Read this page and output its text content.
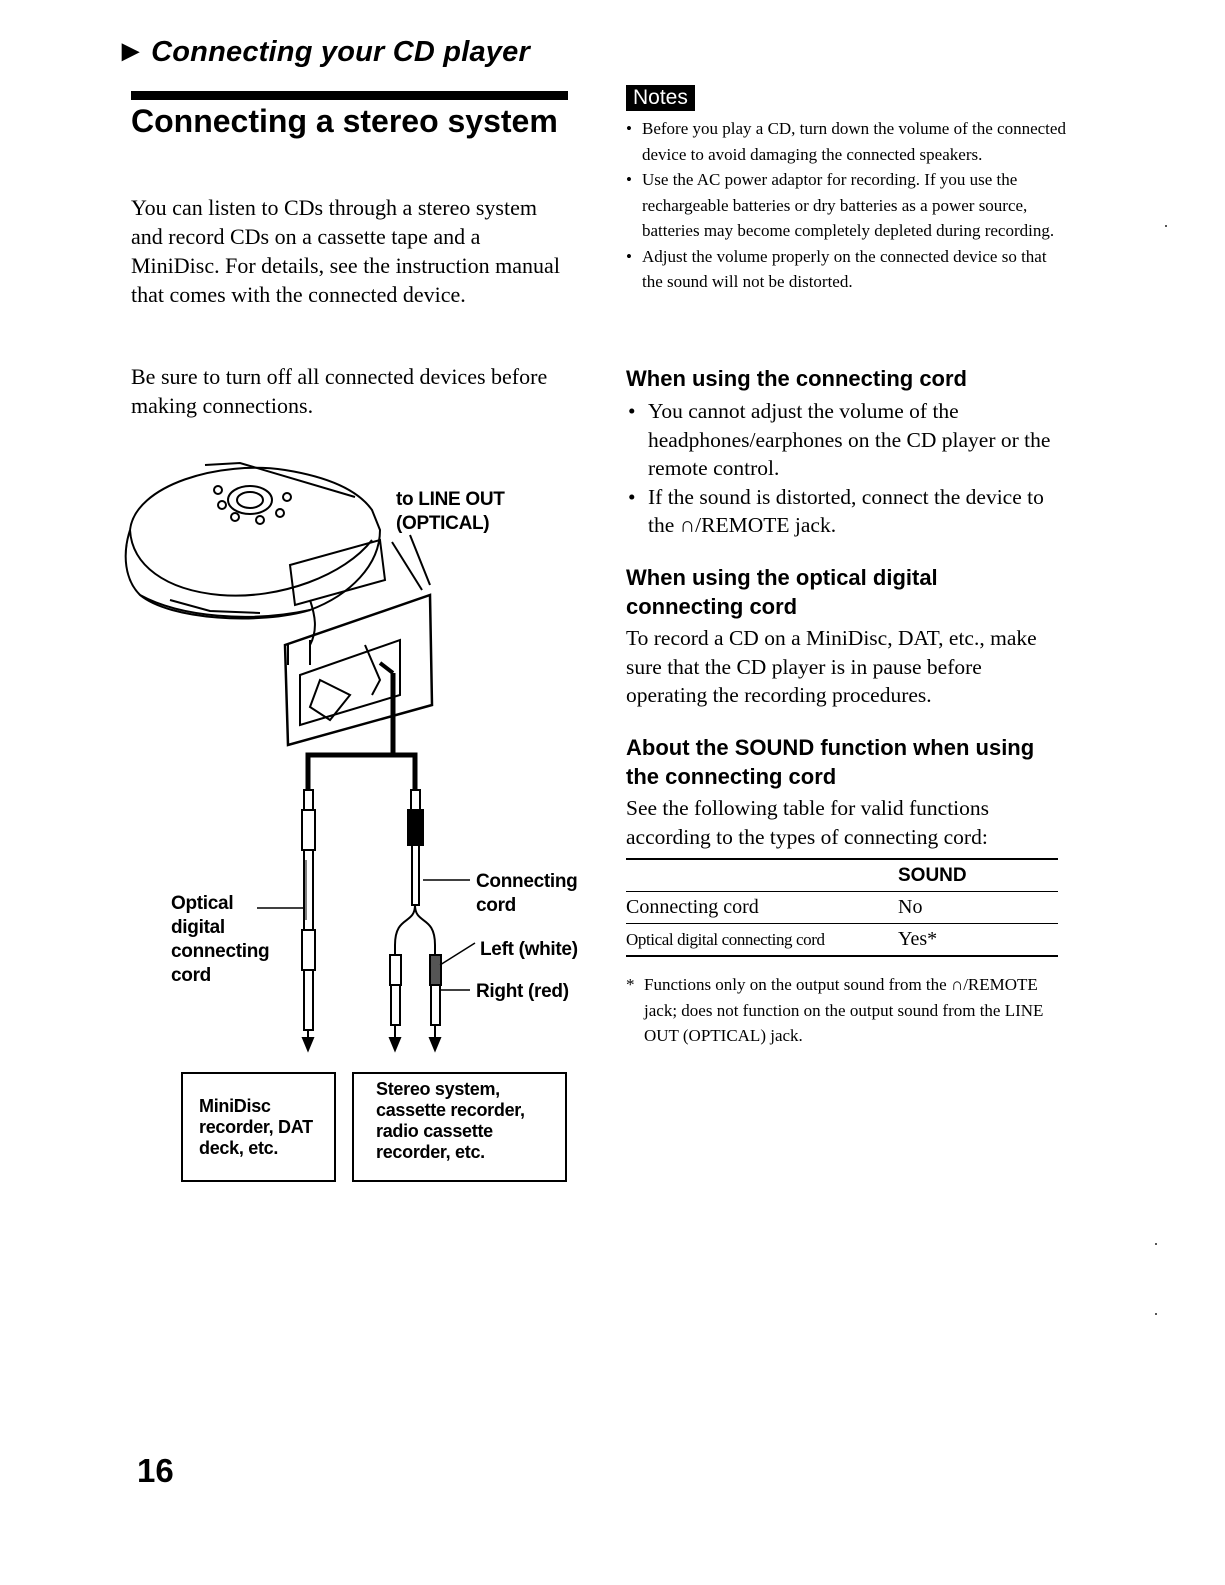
▶ Connecting your CD player
Connecting a stereo system
You can listen to CDs through a stereo system and record CDs on a cassette tape and a MiniDisc. For details, see the instruction manual that comes with the connected device.
Be sure to turn off all connected devices before making connections.
to LINE OUT (OPTICAL)
Optical digital connecting cord
Connecting cord
Left (white)
Right (red)
MiniDisc recorder, DAT deck, etc.
Stereo system, cassette recorder, radio cassette recorder, etc.
Notes
• Before you play a CD, turn down the volume of the connected device to avoid damaging the connected speakers.
• Use the AC power adaptor for recording. If you use the rechargeable batteries or dry batteries as a power source, batteries may become completely depleted during recording.
• Adjust the volume properly on the connected device so that the sound will not be distorted.
When using the connecting cord
• You cannot adjust the volume of the headphones/earphones on the CD player or the remote control.
• If the sound is distorted, connect the device to the ∩/REMOTE jack.
When using the optical digital connecting cord
To record a CD on a MiniDisc, DAT, etc., make sure that the CD player is in pause before operating the recording procedures.
About the SOUND function when using the connecting cord
See the following table for valid functions according to the types of connecting cord:
SOUND
Connecting cord	No
Optical digital connecting cord	Yes*
* Functions only on the output sound from the ∩/REMOTE jack; does not function on the output sound from the LINE OUT (OPTICAL) jack.
16
